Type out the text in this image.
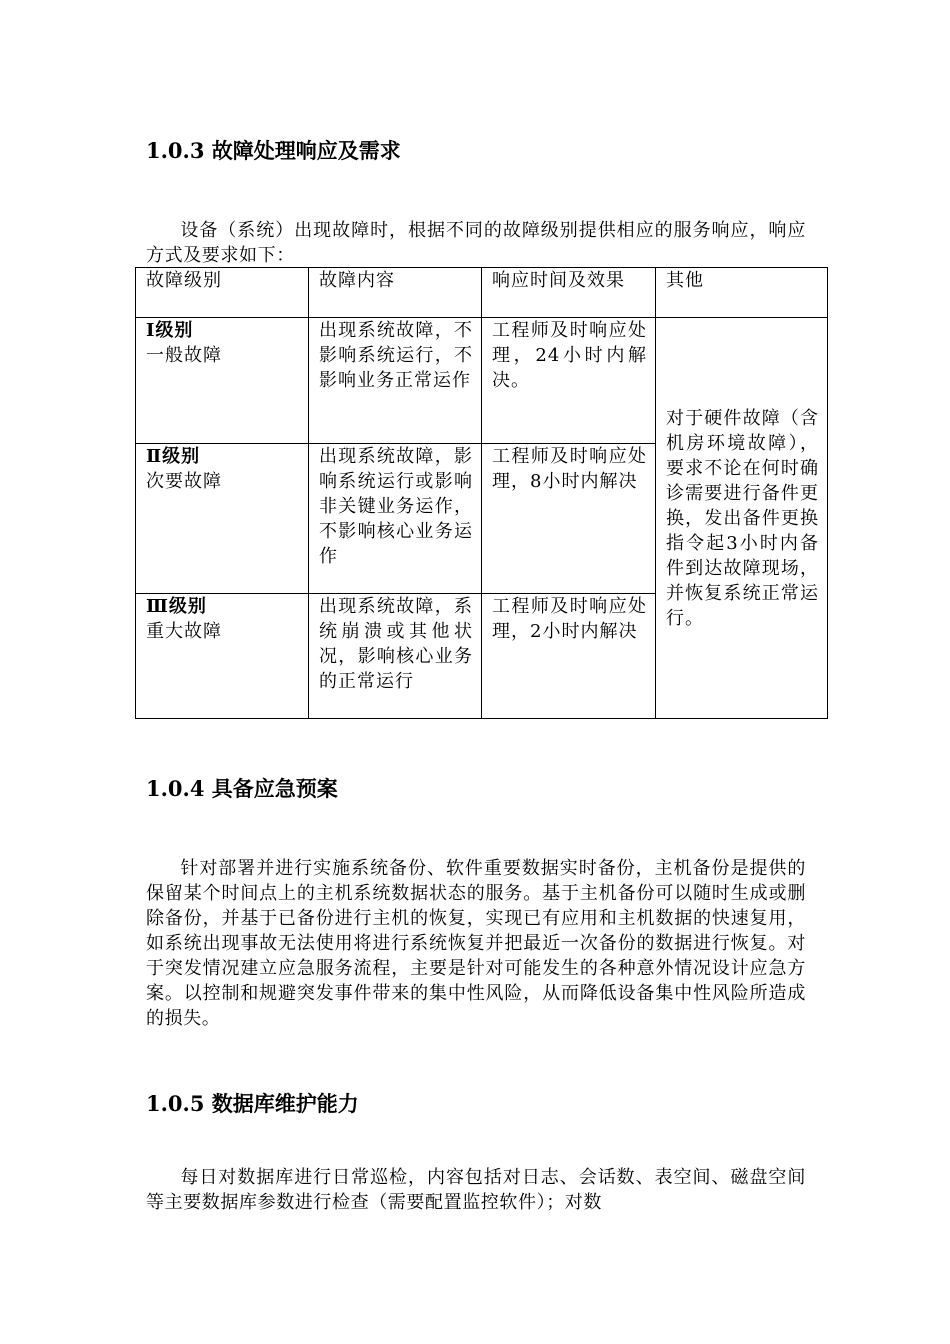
1.0.3 故障处理响应及需求
设备（系统）出现故障时，根据不同的故障级别提供相应的服务响应，响应方式及要求如下：
故障级别	故障内容	响应时间及效果	其他

Ⅰ级别
一般故障	出现系统故障，不影响系统运行，不影响业务正常运作	工程师及时响应处理，24小时内解决。	对于硬件故障（含机房环境故障），要求不论在何时确诊需要进行备件更换，发出备件更换指令起3小时内备件到达故障现场，并恢复系统正常运行。

Ⅱ级别
次要故障	出现系统故障，影响系统运行或影响非关键业务运作，不影响核心业务运作	工程师及时响应处理，8小时内解决	

Ⅲ级别
重大故障	出现系统故障，系统崩溃或其他状况，影响核心业务的正常运行	工程师及时响应处理，2小时内解决	
1.0.4 具备应急预案
针对部署并进行实施系统备份、软件重要数据实时备份，主机备份是提供的保留某个时间点上的主机系统数据状态的服务。基于主机备份可以随时生成或删除备份，并基于已备份进行主机的恢复，实现已有应用和主机数据的快速复用，如系统出现事故无法使用将进行系统恢复并把最近一次备份的数据进行恢复。对于突发情况建立应急服务流程，主要是针对可能发生的各种意外情况设计应急方案。以控制和规避突发事件带来的集中性风险，从而降低设备集中性风险所造成的损失。
1.0.5 数据库维护能力
每日对数据库进行日常巡检，内容包括对日志、会话数、表空间、磁盘空间等主要数据库参数进行检查（需要配置监控软件）；对数
